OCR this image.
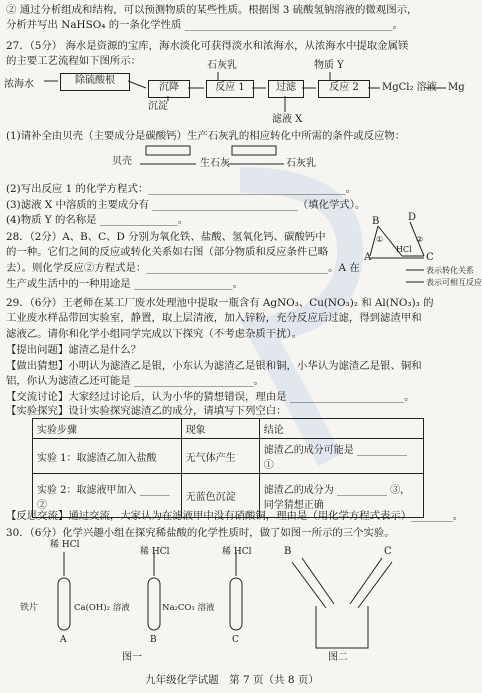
② 通过分析组成和结构，可以预测物质的某些性质。根据图 3 硫酸氢钠溶液的微观图示，
分析并写出 NaHSO₄ 的一条化学性质 ________________________________________。
27．（5分） 海水是资源的宝库，海水淡化可获得淡水和浓海水，从浓海水中提取金属镁
的主要工艺流程如下图所示：
浓海水	除硫酸根
沉降	反应 1	过滤	反应 2	MgCl₂ 溶液 Mg
石灰乳	物质 Y
沉淀
滤液 X
(1)请补全由贝壳（主要成分是碳酸钙）生产石灰乳的相应转化中所需的条件或反应物：
贝壳	生石灰	石灰乳
(2)写出反应 1 的化学方程式：______________________________________。
(3)滤液 X 中溶质的主要成分有 ____________________________（填化学式）。
(4)物质 Y 的名称是 _______________。
28．（2分）A、B、C、D 分别为氧化铁、盐酸、氢氧化钙、碳酸钙中
的一种。它们之间的反应或转化关系如右图（部分物质和反应条件已略
去）。则化学反应②方程式是：___________________________________。A 在
生产或生活中的一种用途是 ___________________。
B	D
A	C
HCl
①	②
表示转化关系
表示可相互反应
29．（6分）王老师在某工厂废水处理池中提取一瓶含有 AgNO₃、Cu(NO₃)₂ 和 Al(NO₃)₃ 的
工业废水样品带回实验室，静置，取上层清液，加入锌粉，充分反应后过滤，得到滤渣甲和
滤液乙。请你和化学小组同学完成以下探究（不考虑杂质干扰）。
【提出问题】滤渣乙是什么？
【做出猜想】小明认为滤渣乙是银，小东认为滤渣乙是银和铜，小华认为滤渣乙是银、铜和
铝，你认为滤渣乙还可能是 _______________________。
【交流讨论】大家经过讨论后，认为小华的猜想错误，理由是 ______________________。
【实验探究】设计实验探究滤渣乙的成分，请填写下列空白：
实验步骤	现象	结论
实验 1：取滤渣乙加入盐酸	无气体产生	滤渣乙的成分可能是 __________ ①
实验 2：取滤液甲加入 ______ ②	无蓝色沉淀	滤渣乙的成分为 __________ ③，同学猜想正确
【反思交流】通过交流，大家认为在滤液甲中没有硝酸铜，理由是（用化学方程式表示）________。
30．（6分）化学兴趣小组在探究稀盐酸的化学性质时，做了如图一所示的三个实验。
稀 HCl
稀 HCl	稀 HCl
铁片	Ca(OH)₂ 溶液	Na₂CO₃ 溶液
A	B	C
图一
B	C
图二
九年级化学试题　第 7 页（共 8 页）
